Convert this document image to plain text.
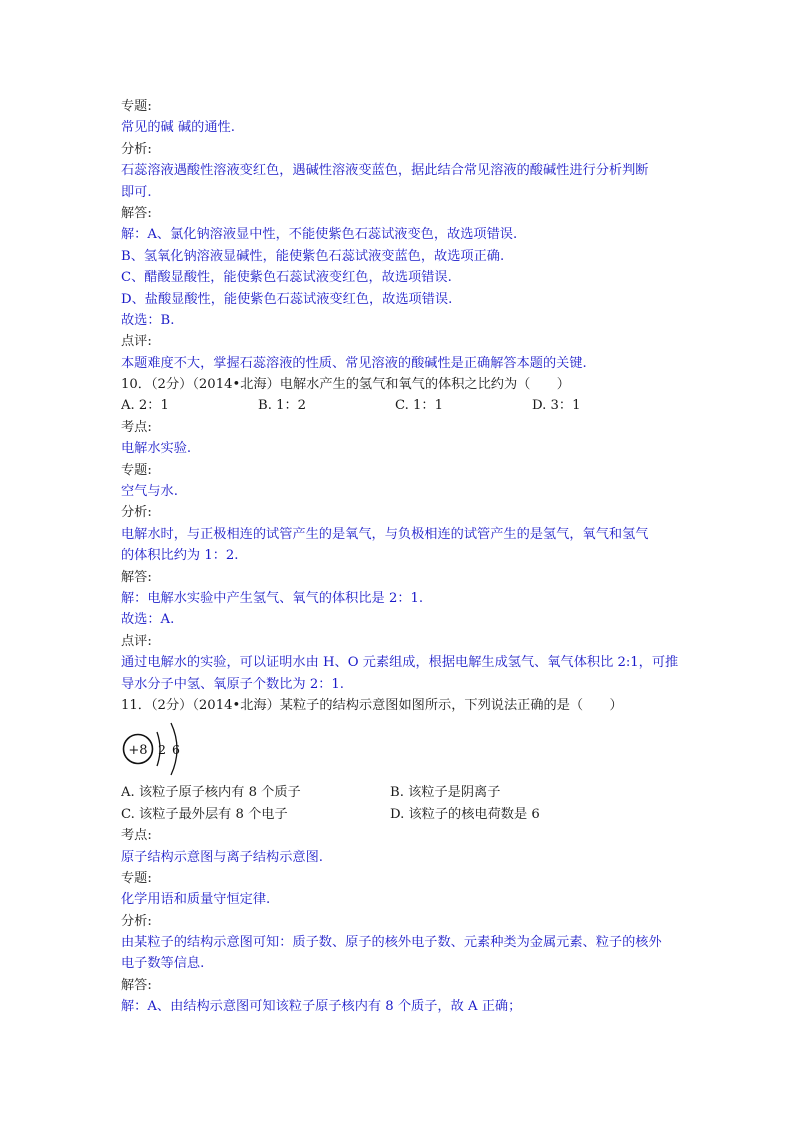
专题:
常见的碱 碱的通性.
分析:
石蕊溶液遇酸性溶液变红色，遇碱性溶液变蓝色，据此结合常见溶液的酸碱性进行分析判断
即可.
解答:
解：A、氯化钠溶液显中性，不能使紫色石蕊试液变色，故选项错误.
B、氢氧化钠溶液显碱性，能使紫色石蕊试液变蓝色，故选项正确.
C、醋酸显酸性，能使紫色石蕊试液变红色，故选项错误.
D、盐酸显酸性，能使紫色石蕊试液变红色，故选项错误.
故选：B.
点评:
本题难度不大，掌握石蕊溶液的性质、常见溶液的酸碱性是正确解答本题的关键.
10．（2分）（2014•北海）电解水产生的氢气和氧气的体积之比约为（　　）
A. 2：1	B. 1：2	C. 1：1	D. 3：1
考点:
电解水实验.
专题:
空气与水.
分析:
电解水时，与正极相连的试管产生的是氧气，与负极相连的试管产生的是氢气，氧气和氢气
的体积比约为 1：2.
解答:
解：电解水实验中产生氢气、氧气的体积比是 2：1.
故选：A.
点评:
通过电解水的实验，可以证明水由 H、O 元素组成，根据电解生成氢气、氧气体积比 2:1，可推
导水分子中氢、氧原子个数比为 2：1.
11．（2分）（2014•北海）某粒子的结构示意图如图所示，下列说法正确的是（　　）
+8 2 6
A. 该粒子原子核内有 8 个质子	B. 该粒子是阴离子
C. 该粒子最外层有 8 个电子	D. 该粒子的核电荷数是 6
考点:
原子结构示意图与离子结构示意图.
专题:
化学用语和质量守恒定律.
分析:
由某粒子的结构示意图可知：质子数、原子的核外电子数、元素种类为金属元素、粒子的核外
电子数等信息.
解答:
解：A、由结构示意图可知该粒子原子核内有 8 个质子，故 A 正确；
